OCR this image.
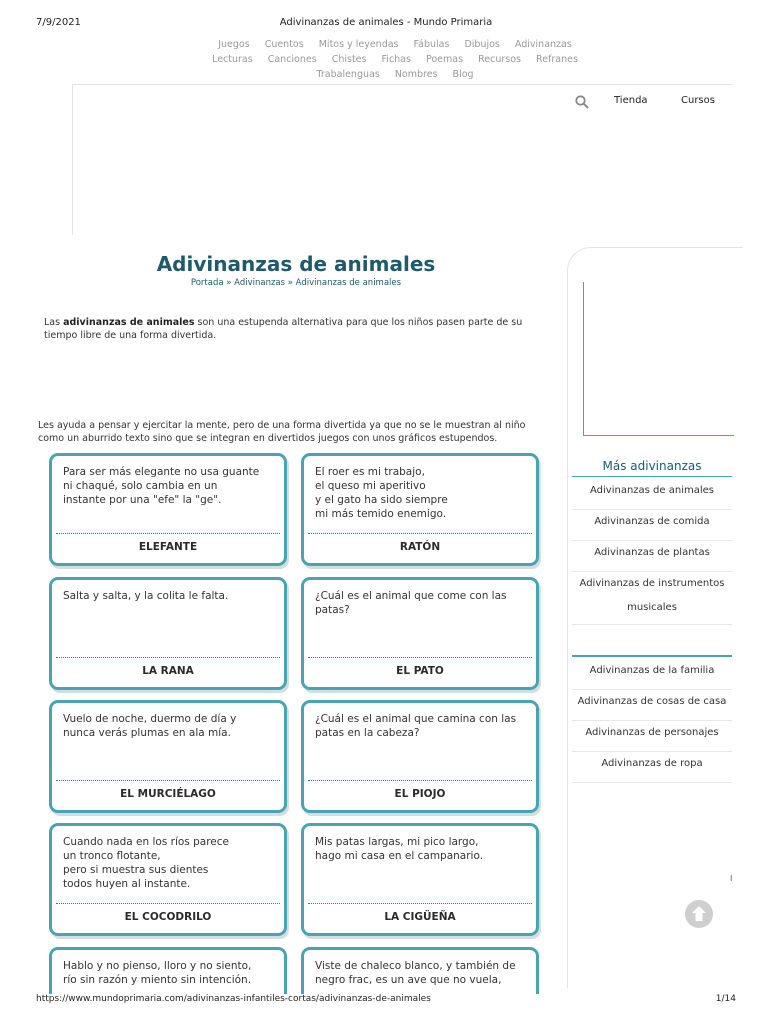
7/9/2021	Adivinanzas de animales - Mundo Primaria
Juegos Cuentos Mitos y leyendas Fábulas Dibujos Adivinanzas
Lecturas Canciones Chistes Fichas Poemas Recursos Refranes
Trabalenguas Nombres Blog
Tienda	Cursos
Adivinanzas de animales
Portada » Adivinanzas » Adivinanzas de animales
Las adivinanzas de animales son una estupenda alternativa para que los niños pasen parte de su tiempo libre de una forma divertida.
Les ayuda a pensar y ejercitar la mente, pero de una forma divertida ya que no se le muestran al niño como un aburrido texto sino que se integran en divertidos juegos con unos gráficos estupendos.
Para ser más elegante no usa guante
ni chaqué, solo cambia en un
instante por una "efe" la "ge".
ELEFANTE
El roer es mi trabajo,
el queso mi aperitivo
y el gato ha sido siempre
mi más temido enemigo.
RATÓN
Salta y salta, y la colita le falta.
LA RANA
¿Cuál es el animal que come con las
patas?
EL PATO
Vuelo de noche, duermo de día y
nunca verás plumas en ala mía.
EL MURCIÉLAGO
¿Cuál es el animal que camina con las
patas en la cabeza?
EL PIOJO
Cuando nada en los ríos parece
un tronco flotante,
pero si muestra sus dientes
todos huyen al instante.
EL COCODRILO
Mis patas largas, mi pico largo,
hago mi casa en el campanario.
LA CIGÜEÑA
Hablo y no pienso, lloro y no siento,
río sin razón y miento sin intención.
Viste de chaleco blanco, y también de
negro frac, es un ave que no vuela,
Más adivinanzas
Adivinanzas de animales
Adivinanzas de comida
Adivinanzas de plantas
Adivinanzas de instrumentos musicales
Adivinanzas de la familia
Adivinanzas de cosas de casa
Adivinanzas de personajes
Adivinanzas de ropa
I
https://www.mundoprimaria.com/adivinanzas-infantiles-cortas/adivinanzas-de-animales	1/14
